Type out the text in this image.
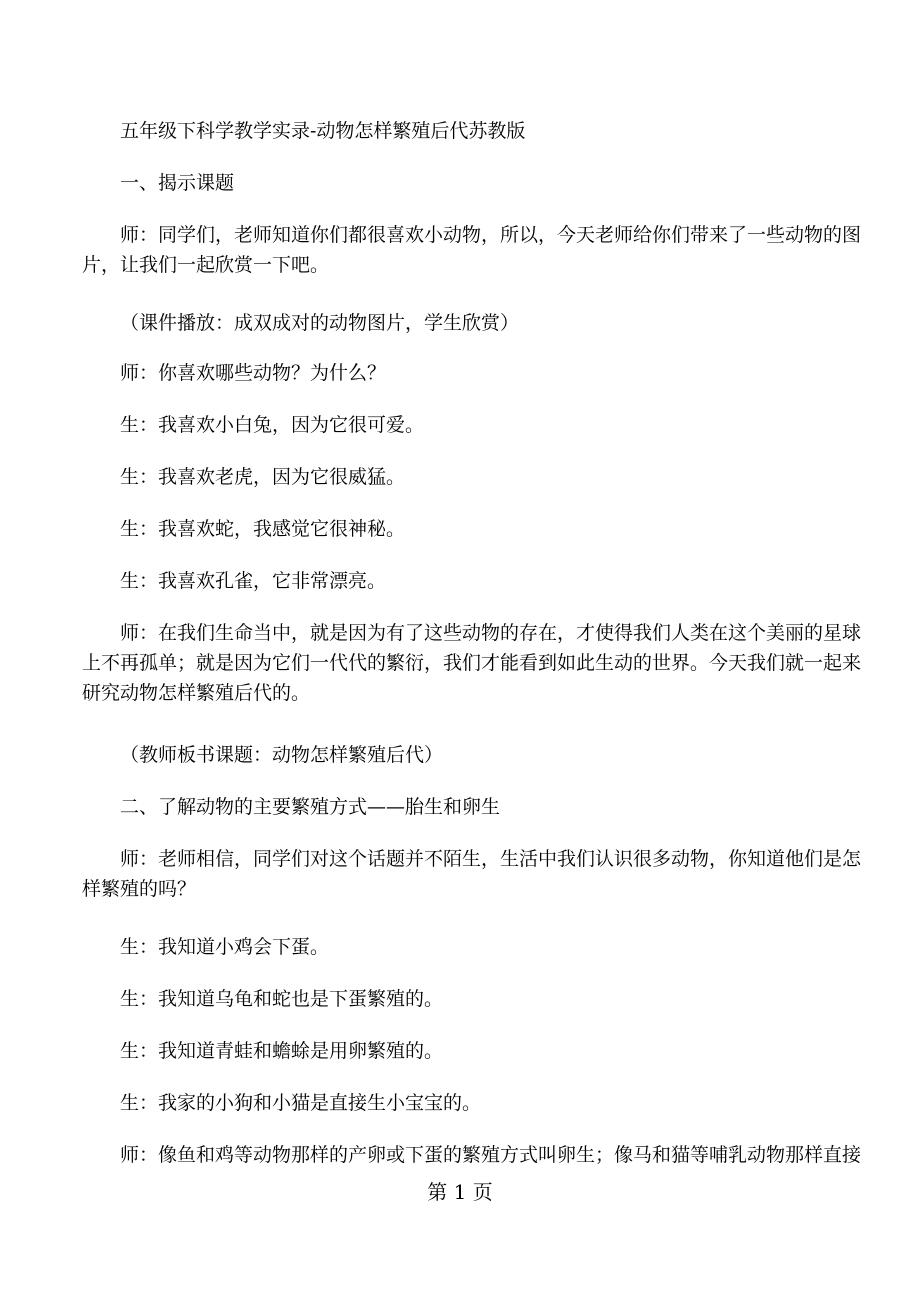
五年级下科学教学实录-动物怎样繁殖后代苏教版
一、揭示课题
师：同学们，老师知道你们都很喜欢小动物，所以，今天老师给你们带来了一些动物的图
片，让我们一起欣赏一下吧。
（课件播放：成双成对的动物图片，学生欣赏）
师：你喜欢哪些动物？为什么？
生：我喜欢小白兔，因为它很可爱。
生：我喜欢老虎，因为它很威猛。
生：我喜欢蛇，我感觉它很神秘。
生：我喜欢孔雀，它非常漂亮。
师：在我们生命当中，就是因为有了这些动物的存在，才使得我们人类在这个美丽的星球
上不再孤单；就是因为它们一代代的繁衍，我们才能看到如此生动的世界。今天我们就一起来
研究动物怎样繁殖后代的。
（教师板书课题：动物怎样繁殖后代）
二、了解动物的主要繁殖方式——胎生和卵生
师：老师相信，同学们对这个话题并不陌生，生活中我们认识很多动物，你知道他们是怎
样繁殖的吗？
生：我知道小鸡会下蛋。
生：我知道乌龟和蛇也是下蛋繁殖的。
生：我知道青蛙和蟾蜍是用卵繁殖的。
生：我家的小狗和小猫是直接生小宝宝的。
师：像鱼和鸡等动物那样的产卵或下蛋的繁殖方式叫卵生；像马和猫等哺乳动物那样直接
第 1 页
